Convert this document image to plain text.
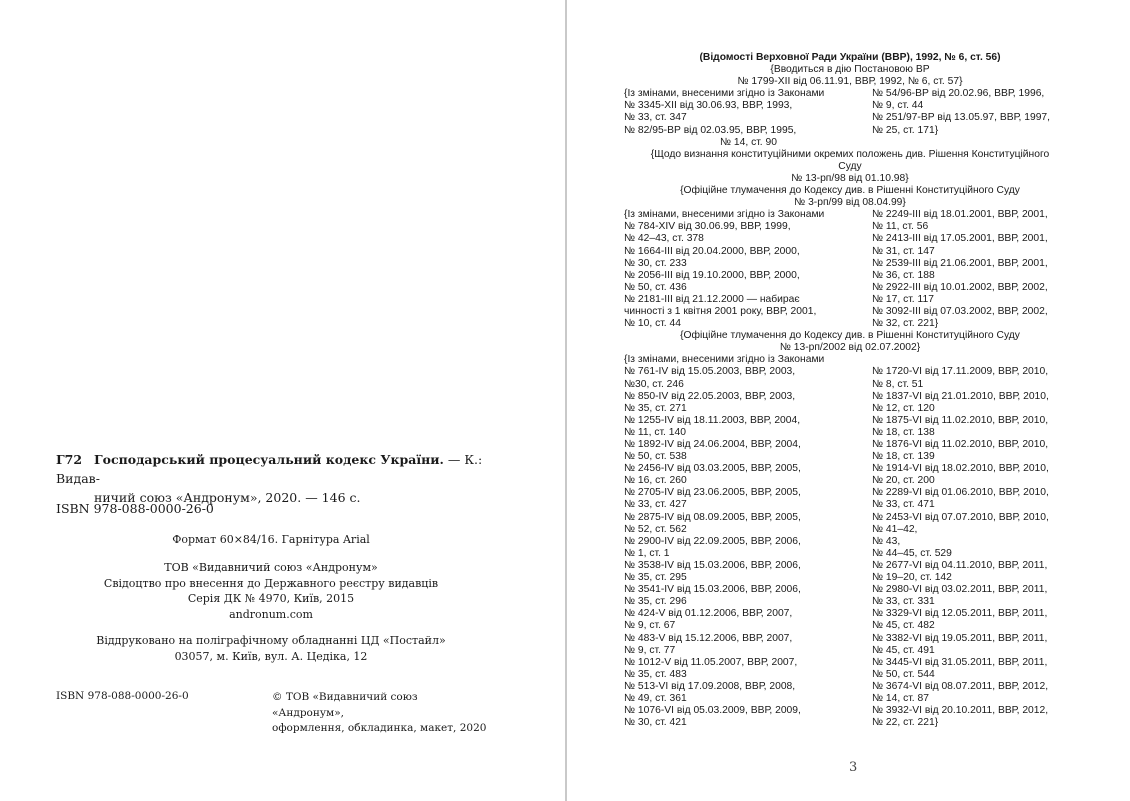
Г72 Господарський процесуальний кодекс України. — К.: Видав-
ничий союз «Андронум», 2020. — 146 с.
ISBN 978-088-0000-26-0
Формат 60×84/16. Гарнітура Arial
ТОВ «Видавничий союз «Андронум»
Свідоцтво про внесення до Державного реєстру видавців
Серія ДК № 4970, Київ, 2015
andronum.com
Віддруковано на поліграфічному обладнанні ЦД «Постайл»
03057, м. Київ, вул. А. Цедіка, 12
ISBN 978-088-0000-26-0	© ТОВ «Видавничий союз «Андронум»,
оформлення, обкладинка, макет, 2020
(Відомості Верховної Ради України (ВВР), 1992, № 6, ст. 56)
{Вводиться в дію Постановою ВР
№ 1799-XII від 06.11.91, ВВР, 1992, № 6, ст. 57}
{Із змінами, внесеними згідно із Законами
№ 3345-XII від 30.06.93, ВВР, 1993,
№ 33, ст. 347
№ 82/95-ВР від 02.03.95, ВВР, 1995,
№ 54/96-ВР від 20.02.96, ВВР, 1996,
№ 9, ст. 44
№ 251/97-ВР від 13.05.97, ВВР, 1997,
№ 25, ст. 171}
№ 14, ст. 90
{Щодо визнання конституційними окремих положень див. Рішення Конституційного
Суду
№ 13-рп/98 від 01.10.98}
{Офіційне тлумачення до Кодексу див. в Рішенні Конституційного Суду
№ 3-рп/99 від 08.04.99}
{Із змінами, внесеними згідно із Законами
№ 784-XIV від 30.06.99, ВВР, 1999,
№ 42–43, ст. 378
№ 1664-III від 20.04.2000, ВВР, 2000,
№ 30, ст. 233
№ 2056-III від 19.10.2000, ВВР, 2000,
№ 50, ст. 436
№ 2181-III від 21.12.2000 — набирає
чинності з 1 квітня 2001 року, ВВР, 2001,
№ 10, ст. 44
№ 2249-III від 18.01.2001, ВВР, 2001,
№ 11, ст. 56
№ 2413-III від 17.05.2001, ВВР, 2001,
№ 31, ст. 147
№ 2539-III від 21.06.2001, ВВР, 2001,
№ 36, ст. 188
№ 2922-III від 10.01.2002, ВВР, 2002,
№ 17, ст. 117
№ 3092-III від 07.03.2002, ВВР, 2002,
№ 32, ст. 221}
{Офіційне тлумачення до Кодексу див. в Рішенні Конституційного Суду
№ 13-рп/2002 від 02.07.2002}
{Із змінами, внесеними згідно із Законами
№ 761-IV від 15.05.2003, ВВР, 2003,
№30, ст. 246
№ 850-IV від 22.05.2003, ВВР, 2003,
№ 35, ст. 271
№ 1255-IV від 18.11.2003, ВВР, 2004,
№ 11, ст. 140
№ 1892-IV від 24.06.2004, ВВР, 2004,
№ 50, ст. 538
№ 2456-IV від 03.03.2005, ВВР, 2005,
№ 16, ст. 260
№ 2705-IV від 23.06.2005, ВВР, 2005,
№ 33, ст. 427
№ 2875-IV від 08.09.2005, ВВР, 2005,
№ 52, ст. 562
№ 2900-IV від 22.09.2005, ВВР, 2006,
№ 1, ст. 1
№ 3538-IV від 15.03.2006, ВВР, 2006,
№ 35, ст. 295
№ 3541-IV від 15.03.2006, ВВР, 2006,
№ 35, ст. 296
№ 424-V від 01.12.2006, ВВР, 2007,
№ 9, ст. 67
№ 483-V від 15.12.2006, ВВР, 2007,
№ 9, ст. 77
№ 1012-V від 11.05.2007, ВВР, 2007,
№ 35, ст. 483
№ 513-VI від 17.09.2008, ВВР, 2008,
№ 49, ст. 361
№ 1076-VI від 05.03.2009, ВВР, 2009,
№ 30, ст. 421
№ 1720-VI від 17.11.2009, ВВР, 2010,
№ 8, ст. 51
№ 1837-VI від 21.01.2010, ВВР, 2010,
№ 12, ст. 120
№ 1875-VI від 11.02.2010, ВВР, 2010,
№ 18, ст. 138
№ 1876-VI від 11.02.2010, ВВР, 2010,
№ 18, ст. 139
№ 1914-VI від 18.02.2010, ВВР, 2010,
№ 20, ст. 200
№ 2289-VI від 01.06.2010, ВВР, 2010,
№ 33, ст. 471
№ 2453-VI від 07.07.2010, ВВР, 2010,
№ 41–42,
№ 43,
№ 44–45, ст. 529
№ 2677-VI від 04.11.2010, ВВР, 2011,
№ 19–20, ст. 142
№ 2980-VI від 03.02.2011, ВВР, 2011,
№ 33, ст. 331
№ 3329-VI від 12.05.2011, ВВР, 2011,
№ 45, ст. 482
№ 3382-VI від 19.05.2011, ВВР, 2011,
№ 45, ст. 491
№ 3445-VI від 31.05.2011, ВВР, 2011,
№ 50, ст. 544
№ 3674-VI від 08.07.2011, ВВР, 2012,
№ 14, ст. 87
№ 3932-VI від 20.10.2011, ВВР, 2012,
№ 22, ст. 221}
3
